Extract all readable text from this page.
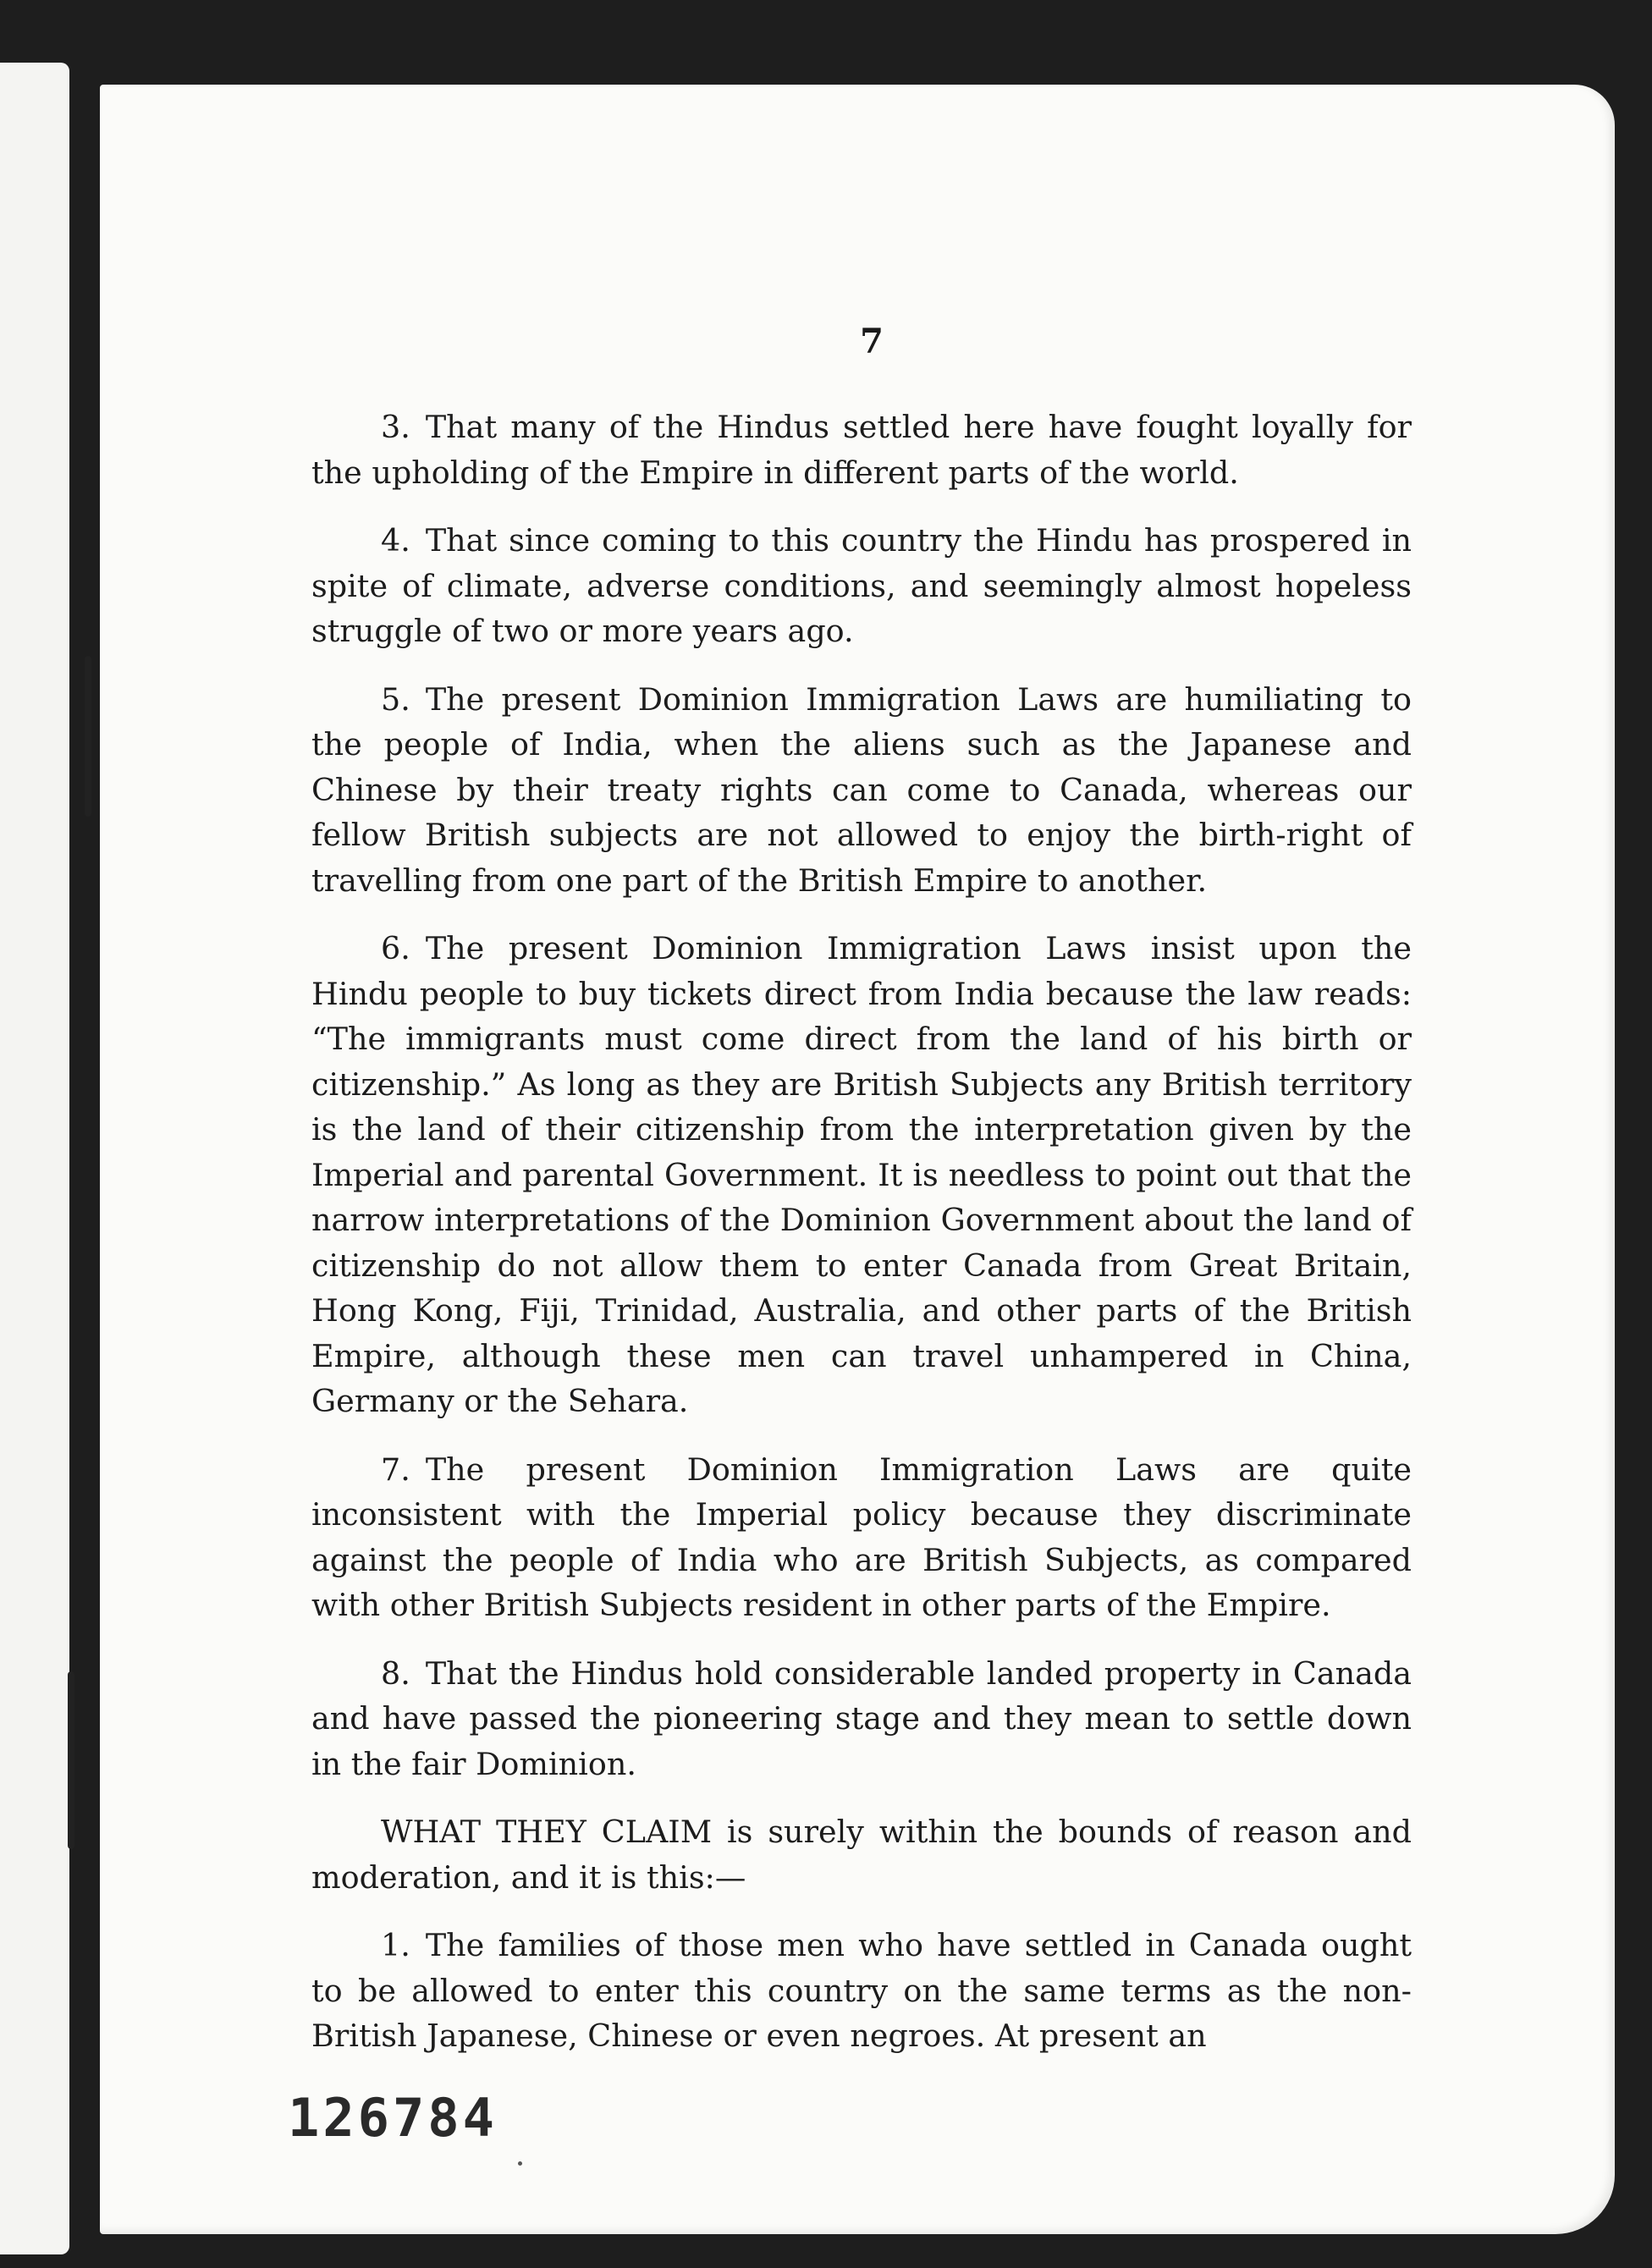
7

3. That many of the Hindus settled here have fought loyally for the upholding of the Empire in different parts of the world.

4. That since coming to this country the Hindu has prospered in spite of climate, adverse conditions, and seemingly almost hopeless struggle of two or more years ago.

5. The present Dominion Immigration Laws are humiliating to the people of India, when the aliens such as the Japanese and Chinese by their treaty rights can come to Canada, whereas our fellow British subjects are not allowed to enjoy the birth-right of travelling from one part of the British Empire to another.

6. The present Dominion Immigration Laws insist upon the Hindu people to buy tickets direct from India because the law reads: “The immigrants must come direct from the land of his birth or citizenship.” As long as they are British Subjects any British territory is the land of their citizenship from the interpretation given by the Imperial and parental Government. It is needless to point out that the narrow interpretations of the Dominion Government about the land of citizenship do not allow them to enter Canada from Great Britain, Hong Kong, Fiji, Trinidad, Australia, and other parts of the British Empire, although these men can travel unhampered in China, Germany or the Sehara.

7. The present Dominion Immigration Laws are quite inconsistent with the Imperial policy because they discriminate against the people of India who are British Subjects, as compared with other British Subjects resident in other parts of the Empire.

8. That the Hindus hold considerable landed property in Canada and have passed the pioneering stage and they mean to settle down in the fair Dominion.

WHAT THEY CLAIM is surely within the bounds of reason and moderation, and it is this:—

1. The families of those men who have settled in Canada ought to be allowed to enter this country on the same terms as the non-British Japanese, Chinese or even negroes. At present an

126784
